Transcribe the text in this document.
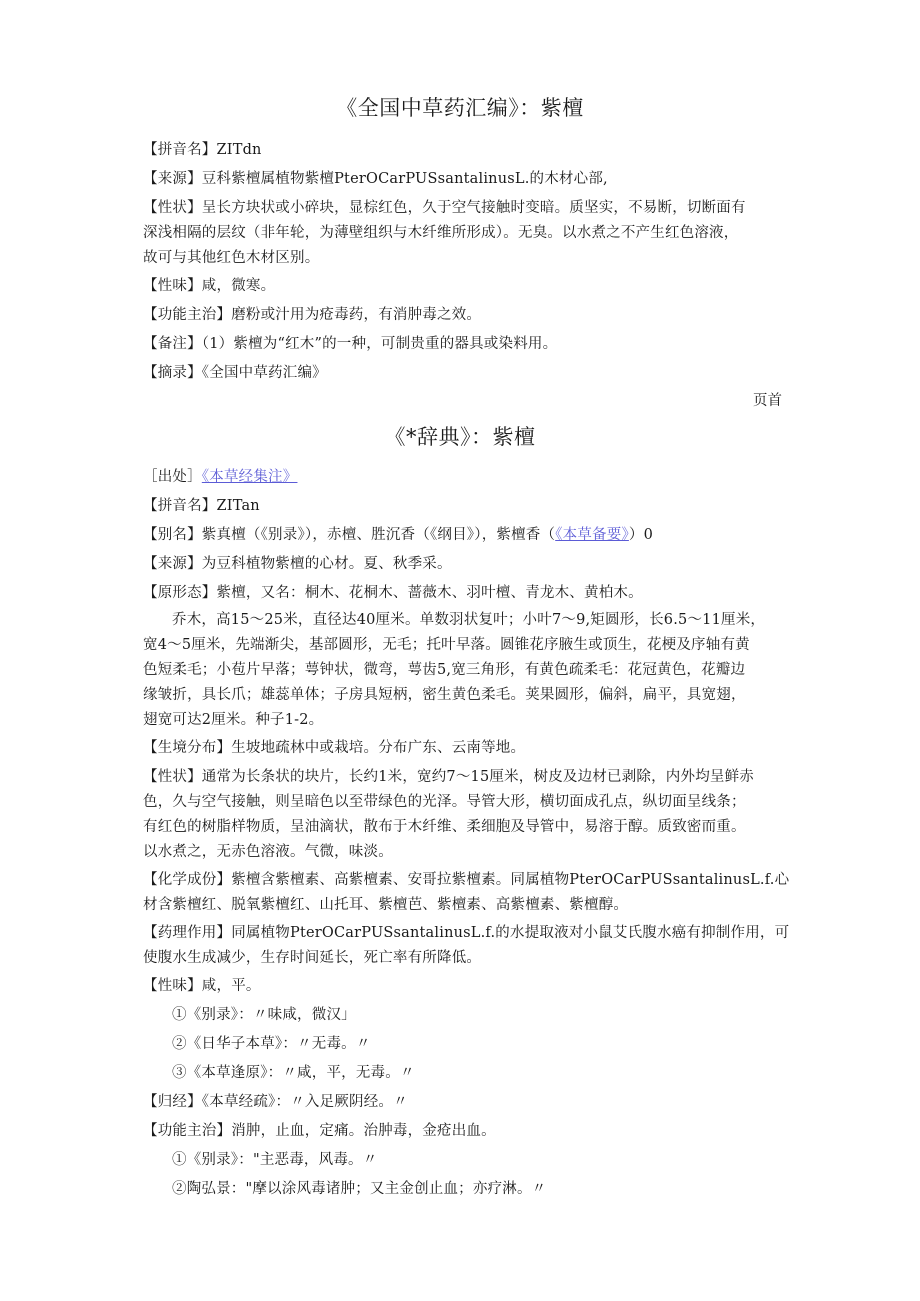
《全国中草药汇编》：紫檀
【拼音名】ZITdn
【来源】豆科紫檀属植物紫檀PterOCarPUSsantalinusL.的木材心部,
【性状】呈长方块状或小碎块，显棕红色，久于空气接触时变暗。质坚实，不易断，切断面有
深浅相隔的层纹（非年轮，为薄壁组织与木纤维所形成）。无臭。以水煮之不产生红色溶液，
故可与其他红色木材区别。
【性味】咸，微寒。
【功能主治】磨粉或汁用为疮毒药，有消肿毒之效。
【备注】（1）紫檀为“红木”的一种，可制贵重的器具或染料用。
【摘录】《全国中草药汇编》
页首
《*辞典》：紫檀
［出处］《本草经集注》
【拼音名】ZITan
【别名】紫真檀（《别录》），赤檀、胜沉香（《纲目》），紫檀香（《本草备要》）0
【来源】为豆科植物紫檀的心材。夏、秋季采。
【原形态】紫檀，又名：桐木、花桐木、蔷薇木、羽叶檀、青龙木、黄柏木。
乔木，高15～25米，直径达40厘米。单数羽状复叶；小叶7～9,矩圆形，长6.5～11厘米，
宽4～5厘米，先端渐尖，基部圆形，无毛；托叶早落。圆锥花序腋生或顶生，花梗及序轴有黄
色短柔毛；小苞片早落；萼钟状，微弯，萼齿5,宽三角形，有黄色疏柔毛：花冠黄色，花瓣边
缘皱折，具长爪；雄蕊单体；子房具短柄，密生黄色柔毛。荚果圆形，偏斜，扁平，具宽翅，
翅宽可达2厘米。种子1-2。
【生境分布】生坡地疏林中或栽培。分布广东、云南等地。
【性状】通常为长条状的块片，长约1米，宽约7～15厘米，树皮及边材已剥除，内外均呈鲜赤
色，久与空气接触，则呈暗色以至带绿色的光泽。导管大形，横切面成孔点，纵切面呈线条；
有红色的树脂样物质，呈油滴状，散布于木纤维、柔细胞及导管中，易溶于醇。质致密而重。
以水煮之，无赤色溶液。气微，味淡。
【化学成份】紫檀含紫檀素、高紫檀素、安哥拉紫檀素。同属植物PterOCarPUSsantalinusL.f.心
材含紫檀红、脱氧紫檀红、山托耳、紫檀芭、紫檀素、高紫檀素、紫檀醇。
【药理作用】同属植物PterOCarPUSsantalinusL.f.的水提取液对小鼠艾氏腹水癌有抑制作用，可
使腹水生成减少，生存时间延长，死亡率有所降低。
【性味】咸，平。
①《别录》：〃味咸，微汉」
②《日华子本草》：〃无毒。〃
③《本草逢原》：〃咸，平，无毒。〃
【归经】《本草经疏》：〃入足厥阴经。〃
【功能主治】消肿，止血，定痛。治肿毒，金疮出血。
①《别录》："主恶毒，风毒。〃
②陶弘景："摩以涂风毒诸肿；又主金创止血；亦疗淋。〃
